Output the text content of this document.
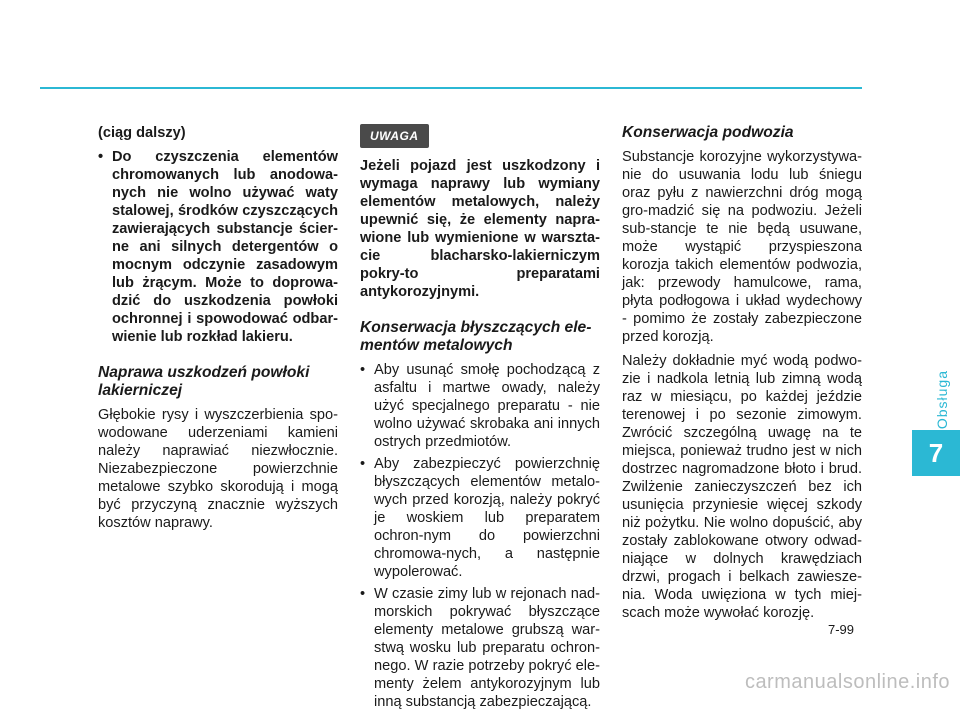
(ciąg dalszy)

• Do czyszczenia elementów chromowanych lub anodowa-nych nie wolno używać waty stalowej, środków czyszczących zawierających substancje ścier-ne ani silnych detergentów o mocnym odczynie zasadowym lub żrącym. Może to doprowa-dzić do uszkodzenia powłoki ochronnej i spowodować odbar-wienie lub rozkład lakieru.
Naprawa uszkodzeń powłoki lakierniczej

Głębokie rysy i wyszczerbienia spo-wodowane uderzeniami kamieni należy naprawiać niezwłocznie. Niezabezpieczone powierzchnie metalowe szybko skorodują i mogą być przyczyną znacznie wyższych kosztów naprawy.

UWAGA

Jeżeli pojazd jest uszkodzony i wymaga naprawy lub wymiany elementów metalowych, należy upewnić się, że elementy napra-wione lub wymienione w warszta-cie blacharsko-lakierniczym pokry-to preparatami antykorozyjnymi.

Konserwacja błyszczących ele-mentów metalowych
• Aby usunąć smołę pochodzącą z asfaltu i martwe owady, należy użyć specjalnego preparatu - nie wolno używać skrobaka ani innych ostrych przedmiotów.
• Aby zabezpieczyć powierzchnię błyszczących elementów metalo-wych przed korozją, należy pokryć je woskiem lub preparatem ochron-nym do powierzchni chromowa-nych, a następnie wypolerować.
• W czasie zimy lub w rejonach nad-morskich pokrywać błyszczące elementy metalowe grubszą war-stwą wosku lub preparatu ochron-nego. W razie potrzeby pokryć ele-menty żelem antykorozyjnym lub inną substancją zabezpieczającą.
Konserwacja podwozia

Substancje korozyjne wykorzystywa-nie do usuwania lodu lub śniegu oraz pyłu z nawierzchni dróg mogą gro-madzić się na podwoziu. Jeżeli sub-stancje te nie będą usuwane, może wystąpić przyspieszona korozja takich elementów podwozia, jak: przewody hamulcowe, rama, płyta podłogowa i układ wydechowy - pomimo że zostały zabezpieczone przed korozją.

Należy dokładnie myć wodą podwo-zie i nadkola letnią lub zimną wodą raz w miesiącu, po każdej jeździe terenowej i po sezonie zimowym. Zwrócić szczególną uwagę na te miejsca, ponieważ trudno jest w nich dostrzec nagromadzone błoto i brud. Zwilżenie zanieczyszczeń bez ich usunięcia przyniesie więcej szkody niż pożytku. Nie wolno dopuścić, aby zostały zablokowane otwory odwad-niające w dolnych krawędziach drzwi, progach i belkach zawiesze-nia. Woda uwięziona w tych miej-scach może wywołać korozję.

Obsługa
7
7-99
carmanualsonline.info
